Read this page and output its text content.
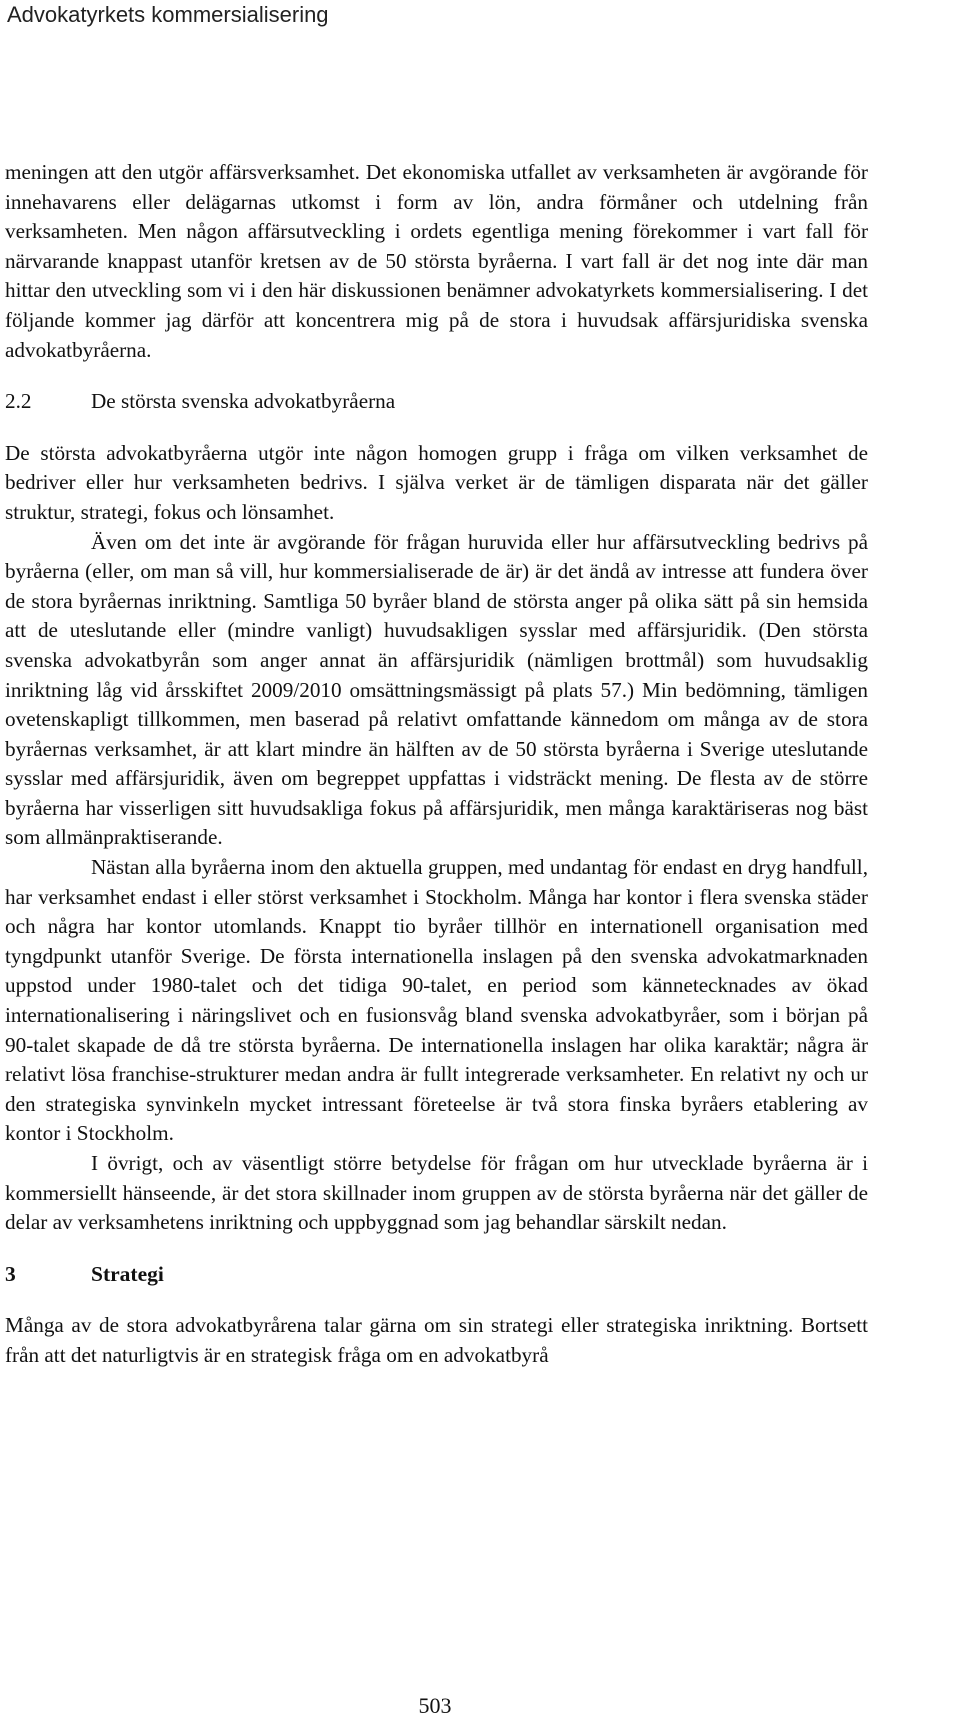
Advokatyrkets kommersialisering

meningen att den utgör affärsverksamhet. Det ekonomiska utfallet av verksamheten är avgörande för innehavarens eller delägarnas utkomst i form av lön, andra förmåner och utdelning från verksamheten. Men någon affärsutveckling i ordets egentliga mening förekommer i vart fall för närvarande knappast utanför kretsen av de 50 största byråerna. I vart fall är det nog inte där man hittar den utveckling som vi i den här diskussionen benämner advokatyrkets kommersialisering. I det följande kommer jag därför att koncentrera mig på de stora i huvudsak affärsjuridiska svenska advokatbyråerna.

2.2	De största svenska advokatbyråerna

De största advokatbyråerna utgör inte någon homogen grupp i fråga om vilken verksamhet de bedriver eller hur verksamheten bedrivs. I själva verket är de tämligen disparata när det gäller struktur, strategi, fokus och lönsamhet.

Även om det inte är avgörande för frågan huruvida eller hur affärsutveckling bedrivs på byråerna (eller, om man så vill, hur kommersialiserade de är) är det ändå av intresse att fundera över de stora byråernas inriktning. Samtliga 50 byråer bland de största anger på olika sätt på sin hemsida att de uteslutande eller (mindre vanligt) huvudsakligen sysslar med affärsjuridik. (Den största svenska advokatbyrån som anger annat än affärsjuridik (nämligen brottmål) som huvudsaklig inriktning låg vid årsskiftet 2009/2010 omsättningsmässigt på plats 57.) Min bedömning, tämligen ovetenskapligt tillkommen, men baserad på relativt omfattande kännedom om många av de stora byråernas verksamhet, är att klart mindre än hälften av de 50 största byråerna i Sverige uteslutande sysslar med affärsjuridik, även om begreppet uppfattas i vidsträckt mening. De flesta av de större byråerna har visserligen sitt huvudsakliga fokus på affärsjuridik, men många karaktäriseras nog bäst som allmänpraktiserande.

Nästan alla byråerna inom den aktuella gruppen, med undantag för endast en dryg handfull, har verksamhet endast i eller störst verksamhet i Stockholm. Många har kontor i flera svenska städer och några har kontor utomlands. Knappt tio byråer tillhör en internationell organisation med tyngdpunkt utanför Sverige. De första internationella inslagen på den svenska advokatmarknaden uppstod under 1980-talet och det tidiga 90-talet, en period som kännetecknades av ökad internationalisering i näringslivet och en fusionsvåg bland svenska advokatbyråer, som i början på 90-talet skapade de då tre största byråerna. De internationella inslagen har olika karaktär; några är relativt lösa franchise-strukturer medan andra är fullt integrerade verksamheter. En relativt ny och ur den strategiska synvinkeln mycket intressant företeelse är två stora finska byråers etablering av kontor i Stockholm.

I övrigt, och av väsentligt större betydelse för frågan om hur utvecklade byråerna är i kommersiellt hänseende, är det stora skillnader inom gruppen av de största byråerna när det gäller de delar av verksamhetens inriktning och uppbyggnad som jag behandlar särskilt nedan.

3	Strategi

Många av de stora advokatbyrårena talar gärna om sin strategi eller strategiska inriktning. Bortsett från att det naturligtvis är en strategisk fråga om en advokatbyrå

503
